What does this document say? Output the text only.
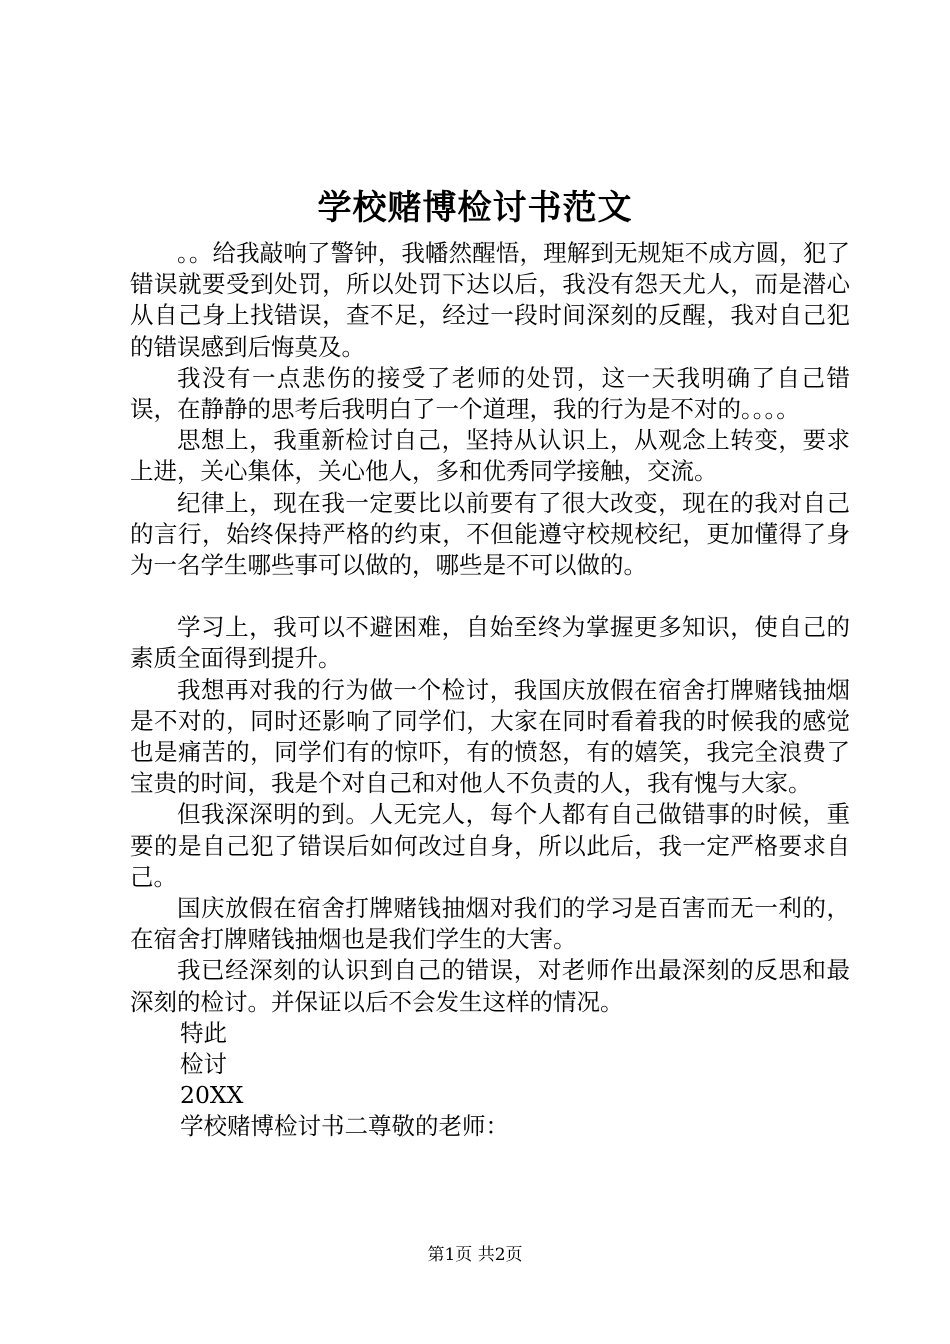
学校赌博检讨书范文

。。给我敲响了警钟，我幡然醒悟，理解到无规矩不成方圆，犯了错误就要受到处罚，所以处罚下达以后，我没有怨天尤人，而是潜心从自己身上找错误，查不足，经过一段时间深刻的反醒，我对自己犯的错误感到后悔莫及。

我没有一点悲伤的接受了老师的处罚，这一天我明确了自己错误，在静静的思考后我明白了一个道理，我的行为是不对的。。。。

思想上，我重新检讨自己，坚持从认识上，从观念上转变，要求上进，关心集体，关心他人，多和优秀同学接触，交流。

纪律上，现在我一定要比以前要有了很大改变，现在的我对自己的言行，始终保持严格的约束，不但能遵守校规校纪，更加懂得了身为一名学生哪些事可以做的，哪些是不可以做的。

学习上，我可以不避困难，自始至终为掌握更多知识，使自己的素质全面得到提升。

我想再对我的行为做一个检讨，我国庆放假在宿舍打牌赌钱抽烟是不对的，同时还影响了同学们，大家在同时看着我的时候我的感觉也是痛苦的，同学们有的惊吓，有的愤怒，有的嬉笑，我完全浪费了宝贵的时间，我是个对自己和对他人不负责的人，我有愧与大家。

但我深深明的到。人无完人，每个人都有自己做错事的时候，重要的是自己犯了错误后如何改过自身，所以此后，我一定严格要求自己。

国庆放假在宿舍打牌赌钱抽烟对我们的学习是百害而无一利的，在宿舍打牌赌钱抽烟也是我们学生的大害。

我已经深刻的认识到自己的错误，对老师作出最深刻的反思和最深刻的检讨。并保证以后不会发生这样的情况。

特此

检讨

20XX

学校赌博检讨书二尊敬的老师：

第1页 共2页
